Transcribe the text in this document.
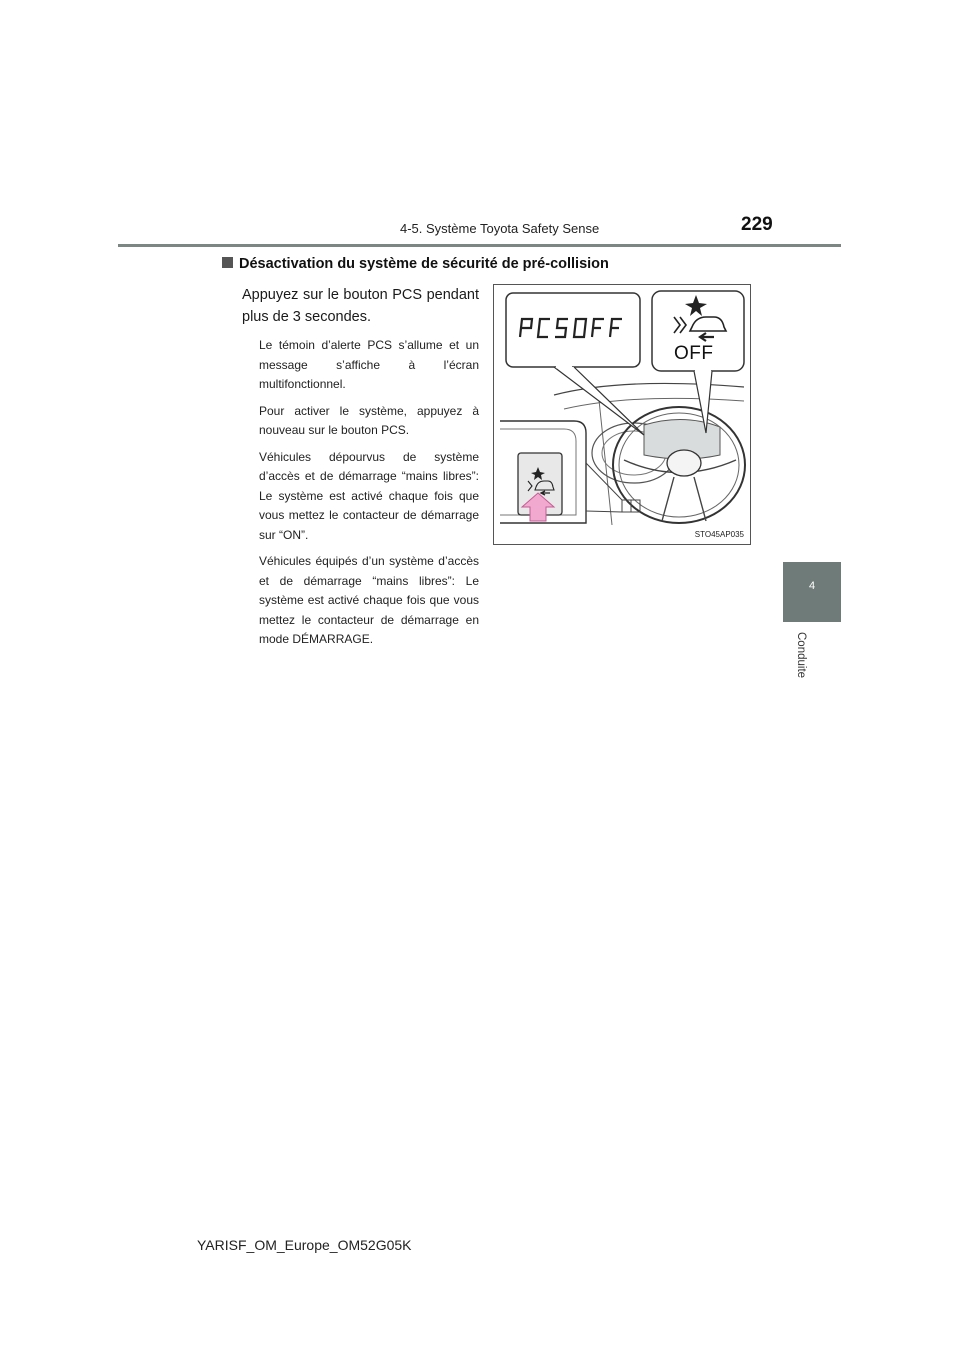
4-5. Système Toyota Safety Sense	229
4
Conduite
Désactivation du système de sécurité de pré-collision
Appuyez sur le bouton PCS pendant plus de 3 secondes.

Le témoin d’alerte PCS s’allume et un message s’affiche à l’écran multifonctionnel.

Pour activer le système, appuyez à nouveau sur le bouton PCS.

Véhicules dépourvus de système d’accès et de démarrage “mains libres”: Le système est activé chaque fois que vous mettez le contacteur de démarrage sur “ON”.

Véhicules équipés d’un système d’accès et de démarrage “mains libres”: Le système est activé chaque fois que vous mettez le contacteur de démarrage en mode DÉMARRAGE.

OFF
STO45AP035
YARISF_OM_Europe_OM52G05K
